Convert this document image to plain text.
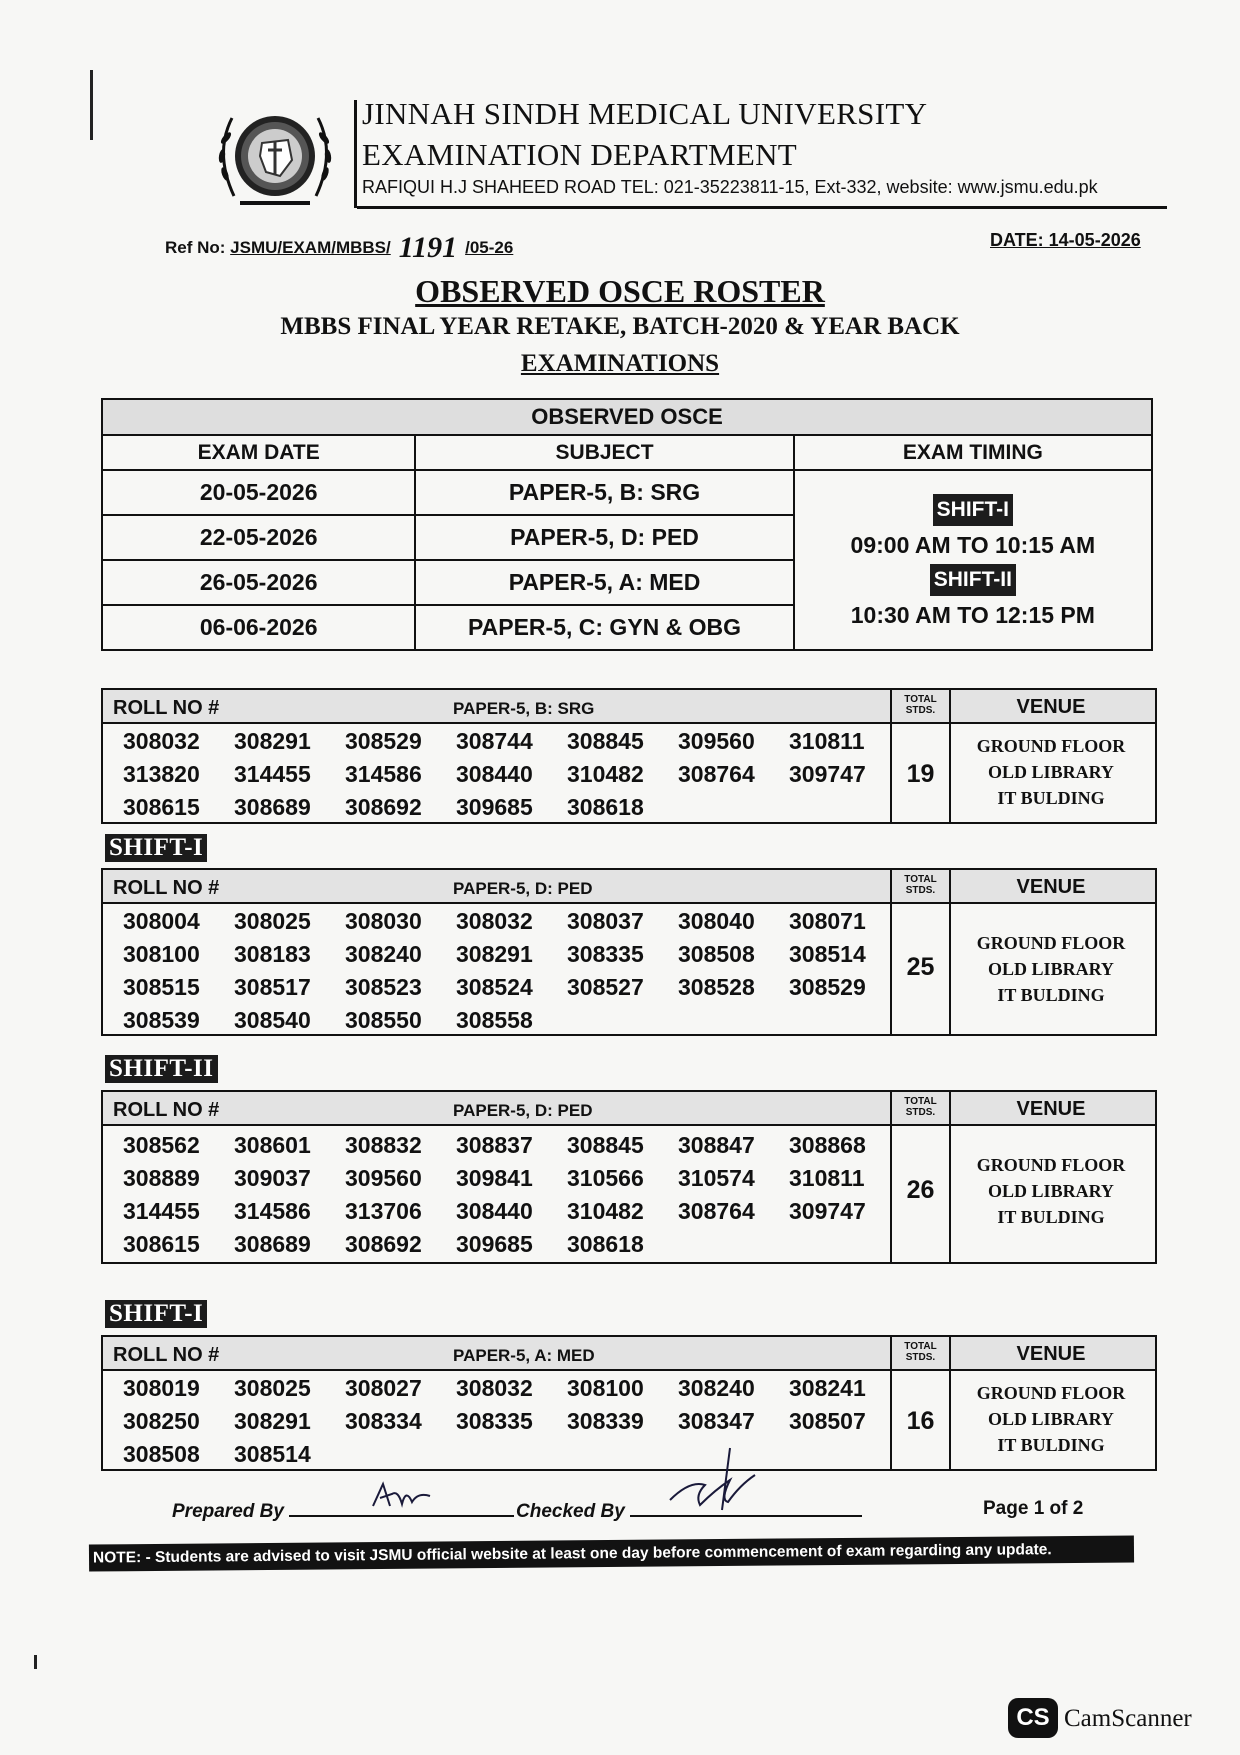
JINNAH SINDH MEDICAL UNIVERSITY
EXAMINATION DEPARTMENT
RAFIQUI H.J SHAHEED ROAD TEL: 021-35223811-15, Ext-332, website: www.jsmu.edu.pk
Ref No: JSMU/EXAM/MBBS/ 1191 /05-26	DATE: 14-05-2026
OBSERVED OSCE ROSTER
MBBS FINAL YEAR RETAKE, BATCH-2020 & YEAR BACK
EXAMINATIONS
OBSERVED OSCE		
EXAM DATE	SUBJECT	EXAM TIMING
20-05-2026	PAPER-5, B: SRG	SHIFT-I
09:00 AM TO 10:15 AM
SHIFT-II
10:30 AM TO 12:15 PM
22-05-2026	PAPER-5, D: PED	
26-05-2026	PAPER-5, A: MED	
06-06-2026	PAPER-5, C: GYN & OBG	
ROLL NO #	PAPER-5, B: SRG	TOTAL
STDS.
19
VENUE
GROUND FLOOR
OLD LIBRARY
IT BULDING
308032	308291	308529	308744	308845	309560	310811
313820	314455	314586	308440	310482	308764	309747
308615	308689	308692	309685	308618
SHIFT-I
ROLL NO #	PAPER-5, D: PED	TOTAL
STDS.
25
VENUE
GROUND FLOOR
OLD LIBRARY
IT BULDING
308004	308025	308030	308032	308037	308040	308071
308100	308183	308240	308291	308335	308508	308514
308515	308517	308523	308524	308527	308528	308529
308539	308540	308550	308558
SHIFT-II
ROLL NO #	PAPER-5, D: PED	TOTAL
STDS.
26
VENUE
GROUND FLOOR
OLD LIBRARY
IT BULDING
308562	308601	308832	308837	308845	308847	308868
308889	309037	309560	309841	310566	310574	310811
314455	314586	313706	308440	310482	308764	309747
308615	308689	308692	309685	308618
SHIFT-I
ROLL NO #	PAPER-5, A: MED	TOTAL
STDS.
16
VENUE
GROUND FLOOR
OLD LIBRARY
IT BULDING
308019	308025	308027	308032	308100	308240	308241
308250	308291	308334	308335	308339	308347	308507
308508	308514
Prepared By	Checked By	Page 1 of 2
NOTE: - Students are advised to visit JSMU official website at least one day before commencement of exam regarding any update.
CS CamScanner
